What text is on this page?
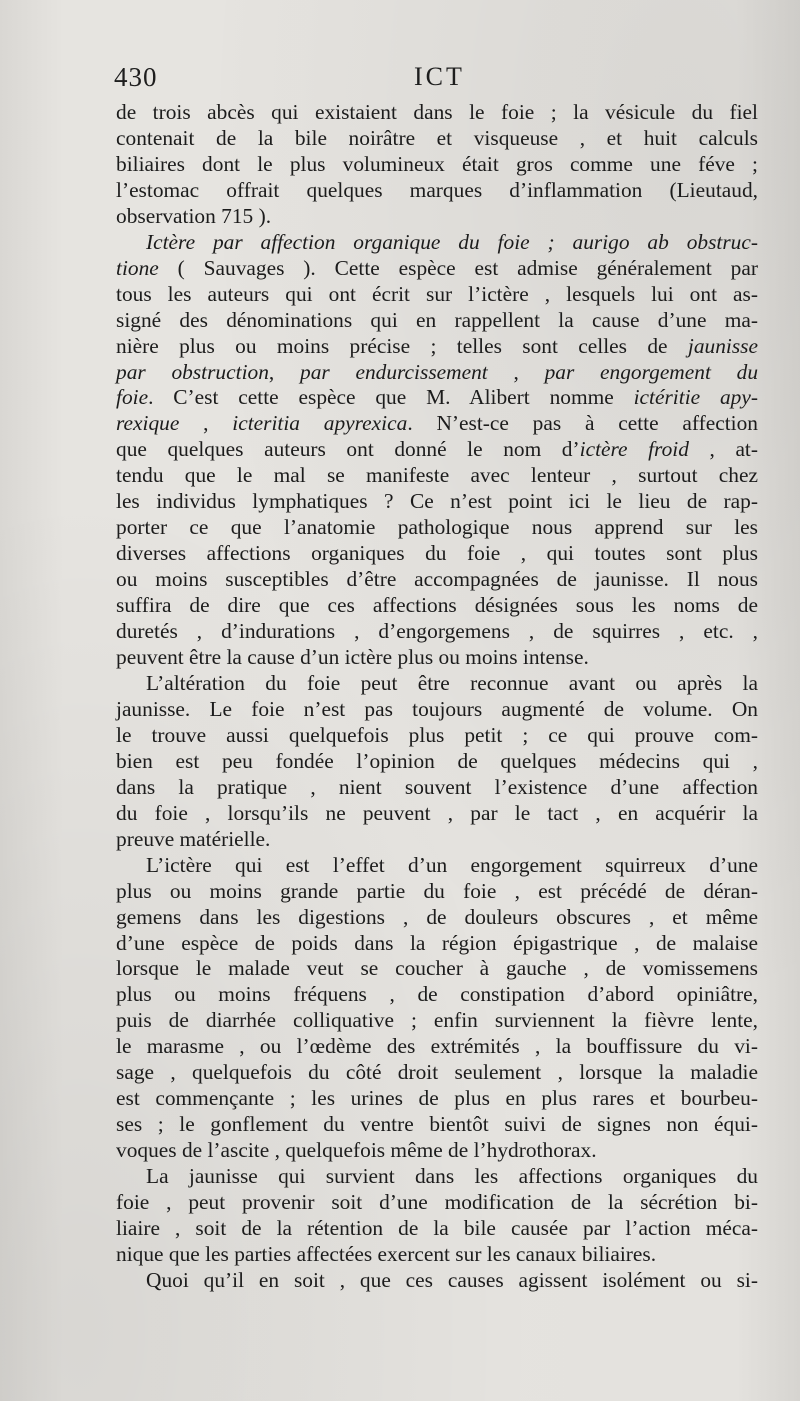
430	ICT
de trois abcès qui existaient dans le foie ; la vésicule du fiel
contenait de la bile noirâtre et visqueuse , et huit calculs
biliaires dont le plus volumineux était gros comme une féve ;
l’estomac offrait quelques marques d’inflammation (Lieutaud,
observation 715 ).
Ictère par affection organique du foie ; aurigo ab obstruc-
tione ( Sauvages ). Cette espèce est admise généralement par
tous les auteurs qui ont écrit sur l’ictère , lesquels lui ont as-
signé des dénominations qui en rappellent la cause d’une ma-
nière plus ou moins précise ; telles sont celles de jaunisse
par obstruction, par endurcissement , par engorgement du
foie. C’est cette espèce que M. Alibert nomme ictéritie apy-
rexique , icteritia apyrexica. N’est-ce pas à cette affection
que quelques auteurs ont donné le nom d’ictère froid , at-
tendu que le mal se manifeste avec lenteur , surtout chez
les individus lymphatiques ? Ce n’est point ici le lieu de rap-
porter ce que l’anatomie pathologique nous apprend sur les
diverses affections organiques du foie , qui toutes sont plus
ou moins susceptibles d’être accompagnées de jaunisse. Il nous
suffira de dire que ces affections désignées sous les noms de
duretés , d’indurations , d’engorgemens , de squirres , etc. ,
peuvent être la cause d’un ictère plus ou moins intense.
L’altération du foie peut être reconnue avant ou après la
jaunisse. Le foie n’est pas toujours augmenté de volume. On
le trouve aussi quelquefois plus petit ; ce qui prouve com-
bien est peu fondée l’opinion de quelques médecins qui ,
dans la pratique , nient souvent l’existence d’une affection
du foie , lorsqu’ils ne peuvent , par le tact , en acquérir la
preuve matérielle.
L’ictère qui est l’effet d’un engorgement squirreux d’une
plus ou moins grande partie du foie , est précédé de déran-
gemens dans les digestions , de douleurs obscures , et même
d’une espèce de poids dans la région épigastrique , de malaise
lorsque le malade veut se coucher à gauche , de vomissemens
plus ou moins fréquens , de constipation d’abord opiniâtre,
puis de diarrhée colliquative ; enfin surviennent la fièvre lente,
le marasme , ou l’œdème des extrémités , la bouffissure du vi-
sage , quelquefois du côté droit seulement , lorsque la maladie
est commençante ; les urines de plus en plus rares et bourbeu-
ses ; le gonflement du ventre bientôt suivi de signes non équi-
voques de l’ascite , quelquefois même de l’hydrothorax.
La jaunisse qui survient dans les affections organiques du
foie , peut provenir soit d’une modification de la sécrétion bi-
liaire , soit de la rétention de la bile causée par l’action méca-
nique que les parties affectées exercent sur les canaux biliaires.
Quoi qu’il en soit , que ces causes agissent isolément ou si-
